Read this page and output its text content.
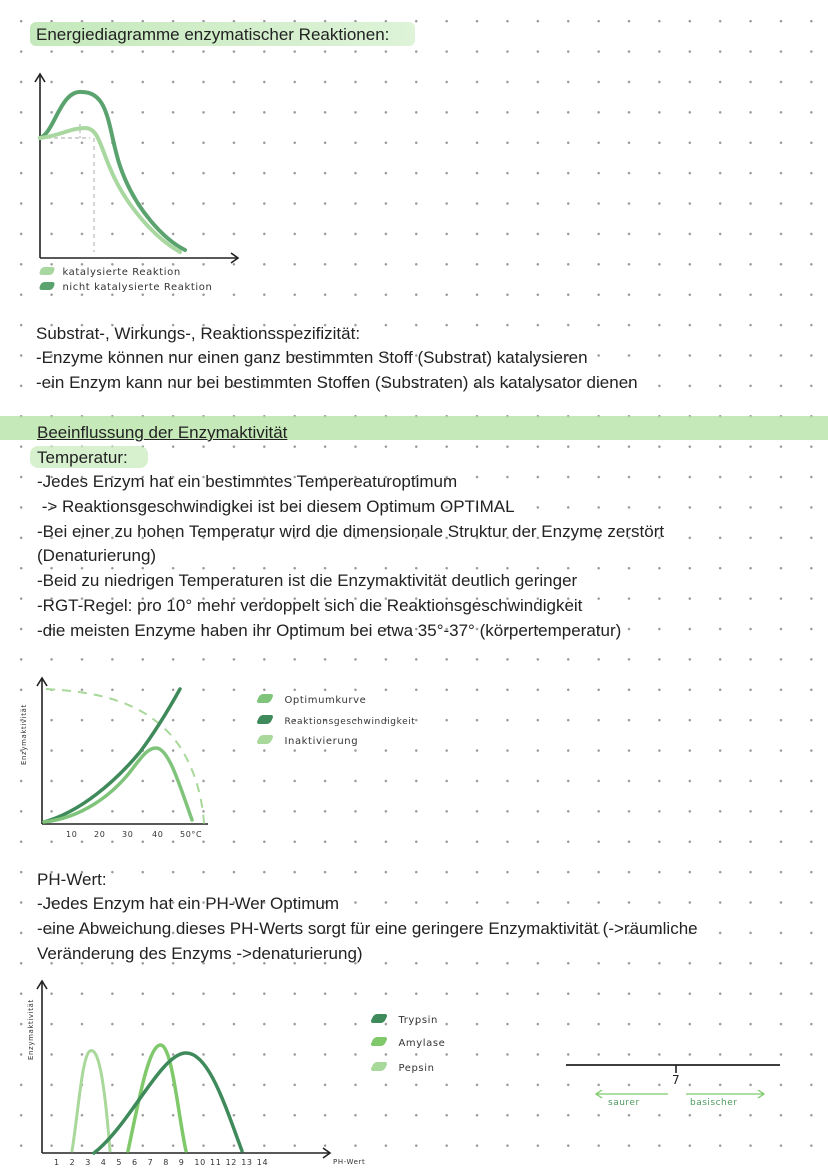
Energiediagramme enzymatischer Reaktionen:
katalysierte Reaktion
nicht katalysierte Reaktion
Substrat-, Wirkungs-, Reaktionsspezifizität:
-Enzyme können nur einen ganz bestimmten Stoff (Substrat) katalysieren
-ein Enzym kann nur bei bestimmten Stoffen (Substraten) als katalysator dienen
Beeinflussung der Enzymaktivität
Temperatur:
-Jedes Enzym hat ein bestimmtes Tempereaturoptimum
-> Reaktionsgeschwindigkei ist bei diesem Optimum OPTIMAL
-Bei einer zu hohen Temperatur wird die dimensionale Struktur der Enzyme zerstört
(Denaturierung)
-Beid zu niedrigen Temperaturen ist die Enzymaktivität deutlich geringer
-RGT-Regel: pro 10° mehr verdoppelt sich die Reaktionsgeschwindigkeit
-die meisten Enzyme haben ihr Optimum bei etwa 35°-37° (körpertemperatur)
Enzymaktivität
10 20 30 40 50°C
Optimumkurve
Reaktionsgeschwindigkeit
Inaktivierung
PH-Wert:
-Jedes Enzym hat ein PH-Wer Optimum
-eine Abweichung dieses PH-Werts sorgt für eine geringere Enzymaktivität (->räumliche
Veränderung des Enzyms ->denaturierung)
Enzymaktivität
PH-Wert
1 2 3 4 5 6 7 8 9 10 11 12 13 14
Trypsin
Amylase
Pepsin
7
saurer	basischer
